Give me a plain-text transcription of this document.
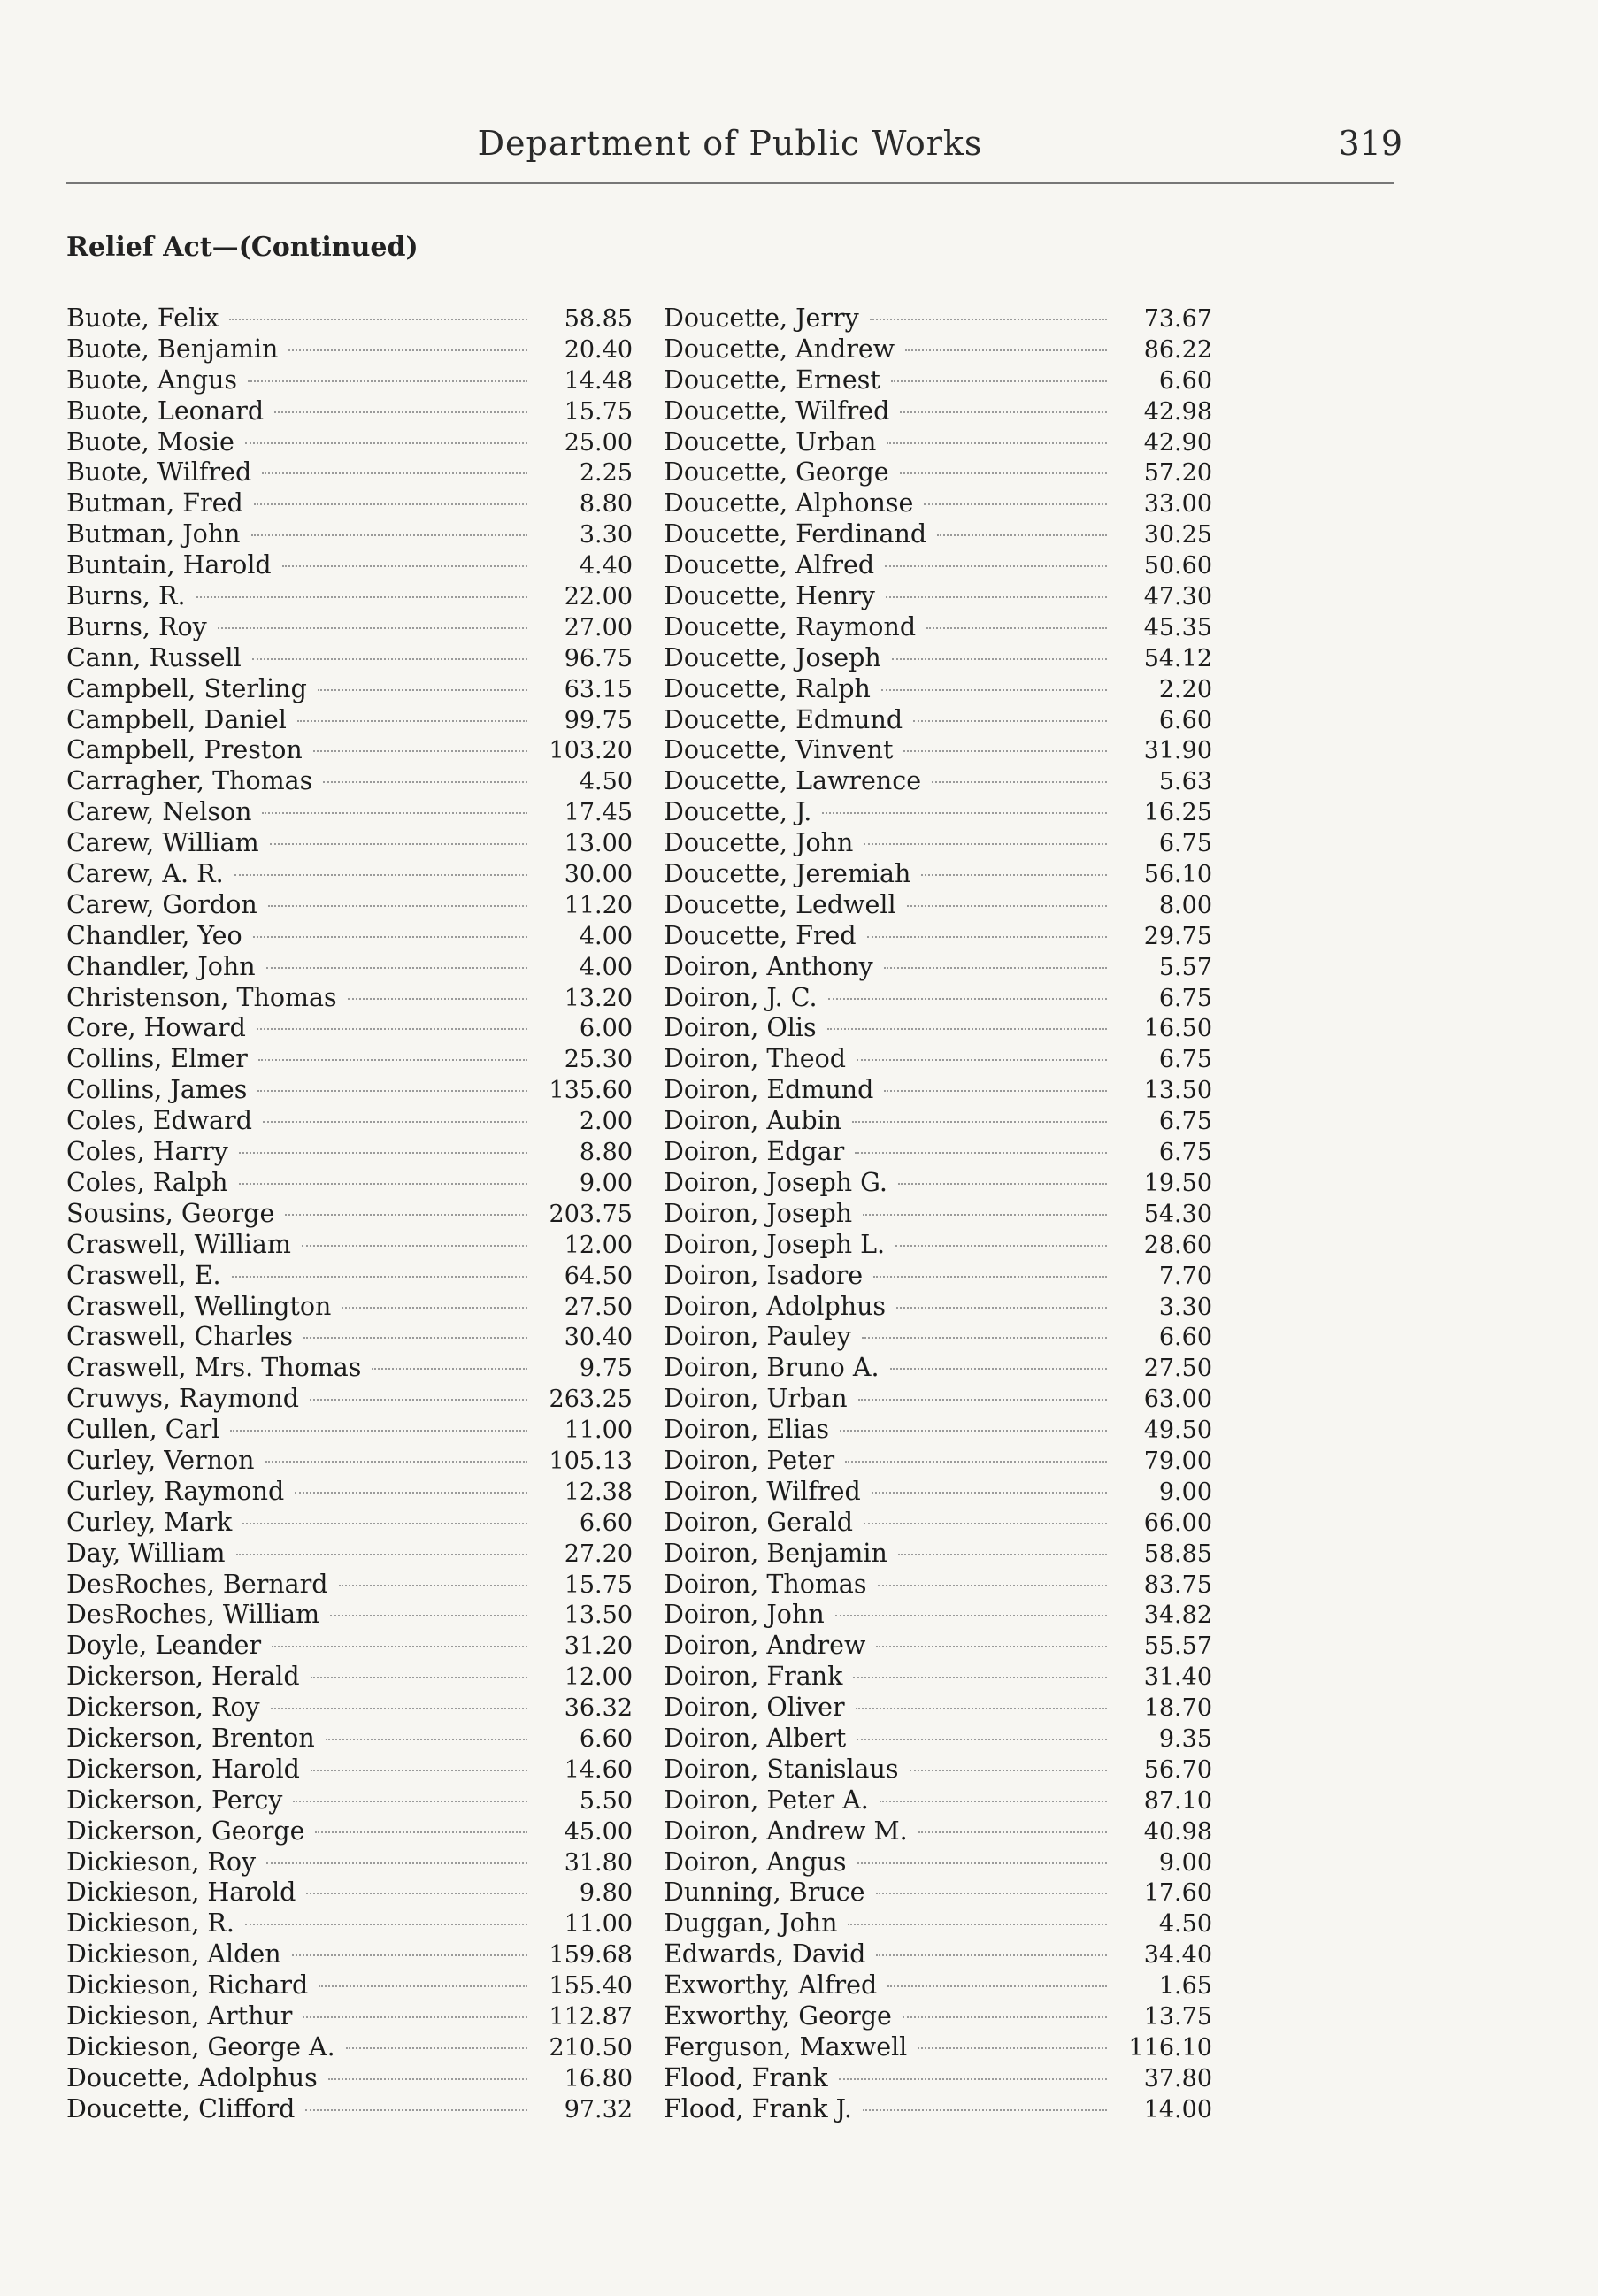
Department of Public Works	319
Relief Act—(Continued)
Buote, Felix	58.85
Buote, Benjamin	20.40
Buote, Angus	14.48
Buote, Leonard	15.75
Buote, Mosie	25.00
Buote, Wilfred	2.25
Butman, Fred	8.80
Butman, John	3.30
Buntain, Harold	4.40
Burns, R.	22.00
Burns, Roy	27.00
Cann, Russell	96.75
Campbell, Sterling	63.15
Campbell, Daniel	99.75
Campbell, Preston	103.20
Carragher, Thomas	4.50
Carew, Nelson	17.45
Carew, William	13.00
Carew, A. R.	30.00
Carew, Gordon	11.20
Chandler, Yeo	4.00
Chandler, John	4.00
Christenson, Thomas	13.20
Core, Howard	6.00
Collins, Elmer	25.30
Collins, James	135.60
Coles, Edward	2.00
Coles, Harry	8.80
Coles, Ralph	9.00
Sousins, George	203.75
Craswell, William	12.00
Craswell, E.	64.50
Craswell, Wellington	27.50
Craswell, Charles	30.40
Craswell, Mrs. Thomas	9.75
Cruwys, Raymond	263.25
Cullen, Carl	11.00
Curley, Vernon	105.13
Curley, Raymond	12.38
Curley, Mark	6.60
Day, William	27.20
DesRoches, Bernard	15.75
DesRoches, William	13.50
Doyle, Leander	31.20
Dickerson, Herald	12.00
Dickerson, Roy	36.32
Dickerson, Brenton	6.60
Dickerson, Harold	14.60
Dickerson, Percy	5.50
Dickerson, George	45.00
Dickieson, Roy	31.80
Dickieson, Harold	9.80
Dickieson, R.	11.00
Dickieson, Alden	159.68
Dickieson, Richard	155.40
Dickieson, Arthur	112.87
Dickieson, George A.	210.50
Doucette, Adolphus	16.80
Doucette, Clifford	97.32
Doucette, Jerry	73.67
Doucette, Andrew	86.22
Doucette, Ernest	6.60
Doucette, Wilfred	42.98
Doucette, Urban	42.90
Doucette, George	57.20
Doucette, Alphonse	33.00
Doucette, Ferdinand	30.25
Doucette, Alfred	50.60
Doucette, Henry	47.30
Doucette, Raymond	45.35
Doucette, Joseph	54.12
Doucette, Ralph	2.20
Doucette, Edmund	6.60
Doucette, Vinvent	31.90
Doucette, Lawrence	5.63
Doucette, J.	16.25
Doucette, John	6.75
Doucette, Jeremiah	56.10
Doucette, Ledwell	8.00
Doucette, Fred	29.75
Doiron, Anthony	5.57
Doiron, J. C.	6.75
Doiron, Olis	16.50
Doiron, Theod	6.75
Doiron, Edmund	13.50
Doiron, Aubin	6.75
Doiron, Edgar	6.75
Doiron, Joseph G.	19.50
Doiron, Joseph	54.30
Doiron, Joseph L.	28.60
Doiron, Isadore	7.70
Doiron, Adolphus	3.30
Doiron, Pauley	6.60
Doiron, Bruno A.	27.50
Doiron, Urban	63.00
Doiron, Elias	49.50
Doiron, Peter	79.00
Doiron, Wilfred	9.00
Doiron, Gerald	66.00
Doiron, Benjamin	58.85
Doiron, Thomas	83.75
Doiron, John	34.82
Doiron, Andrew	55.57
Doiron, Frank	31.40
Doiron, Oliver	18.70
Doiron, Albert	9.35
Doiron, Stanislaus	56.70
Doiron, Peter A.	87.10
Doiron, Andrew M.	40.98
Doiron, Angus	9.00
Dunning, Bruce	17.60
Duggan, John	4.50
Edwards, David	34.40
Exworthy, Alfred	1.65
Exworthy, George	13.75
Ferguson, Maxwell	116.10
Flood, Frank	37.80
Flood, Frank J.	14.00
